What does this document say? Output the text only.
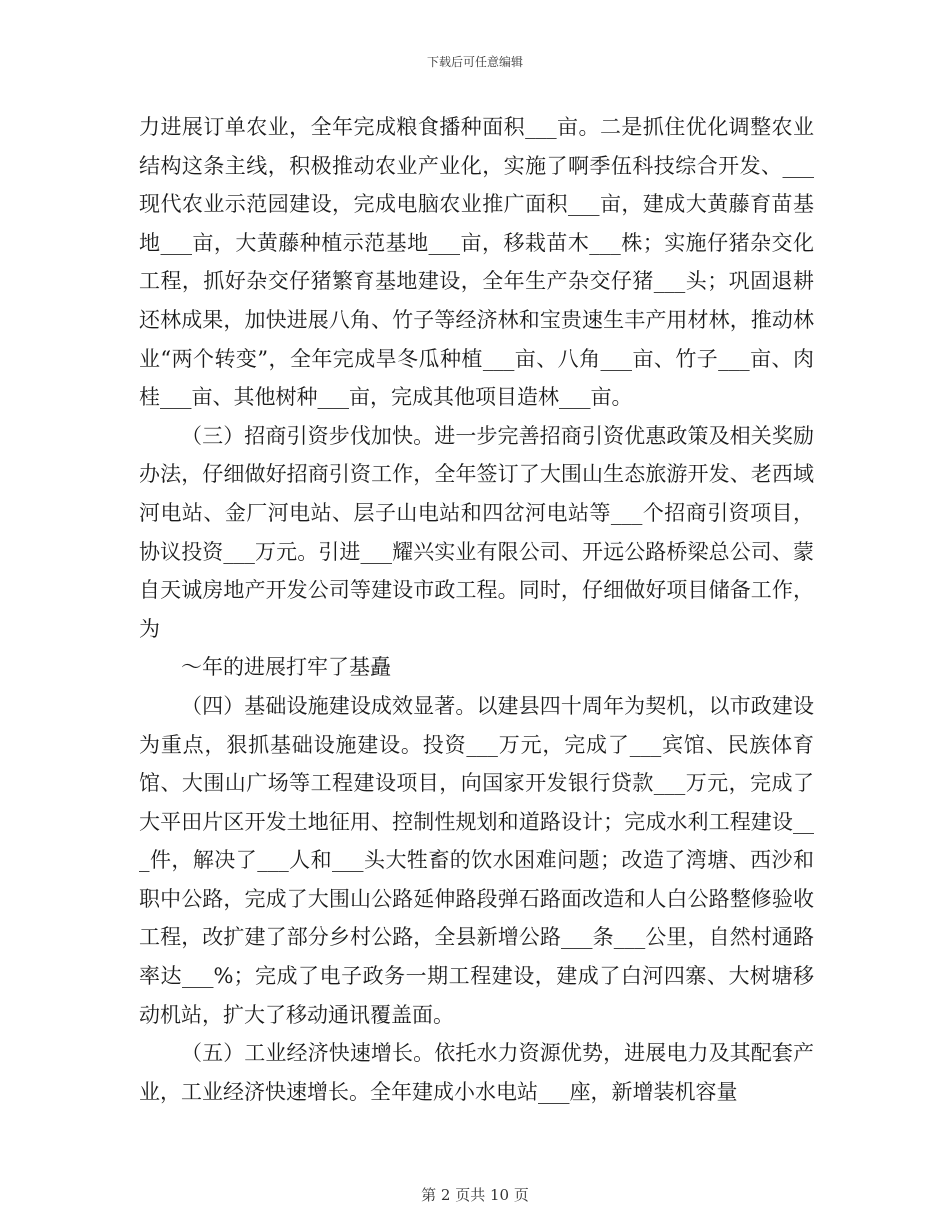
下载后可任意编辑

力进展订单农业，全年完成粮食播种面积___亩。二是抓住优化调整农业结构这条主线，积极推动农业产业化，实施了啊季伍科技综合开发、___现代农业示范园建设，完成电脑农业推广面积___亩，建成大黄藤育苗基地___亩，大黄藤种植示范基地___亩，移栽苗木___株；实施仔猪杂交化工程，抓好杂交仔猪繁育基地建设，全年生产杂交仔猪___头；巩固退耕还林成果，加快进展八角、竹子等经济林和宝贵速生丰产用材林，推动林业“两个转变”，全年完成旱冬瓜种植___亩、八角___亩、竹子___亩、肉桂___亩、其他树种___亩，完成其他项目造林___亩。

（三）招商引资步伐加快。进一步完善招商引资优惠政策及相关奖励办法，仔细做好招商引资工作，全年签订了大围山生态旅游开发、老西域河电站、金厂河电站、层子山电站和四岔河电站等___个招商引资项目，协议投资___万元。引进___耀兴实业有限公司、开远公路桥梁总公司、蒙自天诚房地产开发公司等建设市政工程。同时，仔细做好项目储备工作，为

～年的进展打牢了基矗

（四）基础设施建设成效显著。以建县四十周年为契机，以市政建设为重点，狠抓基础设施建设。投资___万元，完成了___宾馆、民族体育馆、大围山广场等工程建设项目，向国家开发银行贷款___万元，完成了大平田片区开发土地征用、控制性规划和道路设计；完成水利工程建设___件，解决了___人和___头大牲畜的饮水困难问题；改造了湾塘、西沙和职中公路，完成了大围山公路延伸路段弹石路面改造和人白公路整修验收工程，改扩建了部分乡村公路，全县新增公路___条___公里，自然村通路率达___%；完成了电子政务一期工程建设，建成了白河四寨、大树塘移动机站，扩大了移动通讯覆盖面。

（五）工业经济快速增长。依托水力资源优势，进展电力及其配套产业，工业经济快速增长。全年建成小水电站___座，新增装机容量

第 2 页共 10 页
